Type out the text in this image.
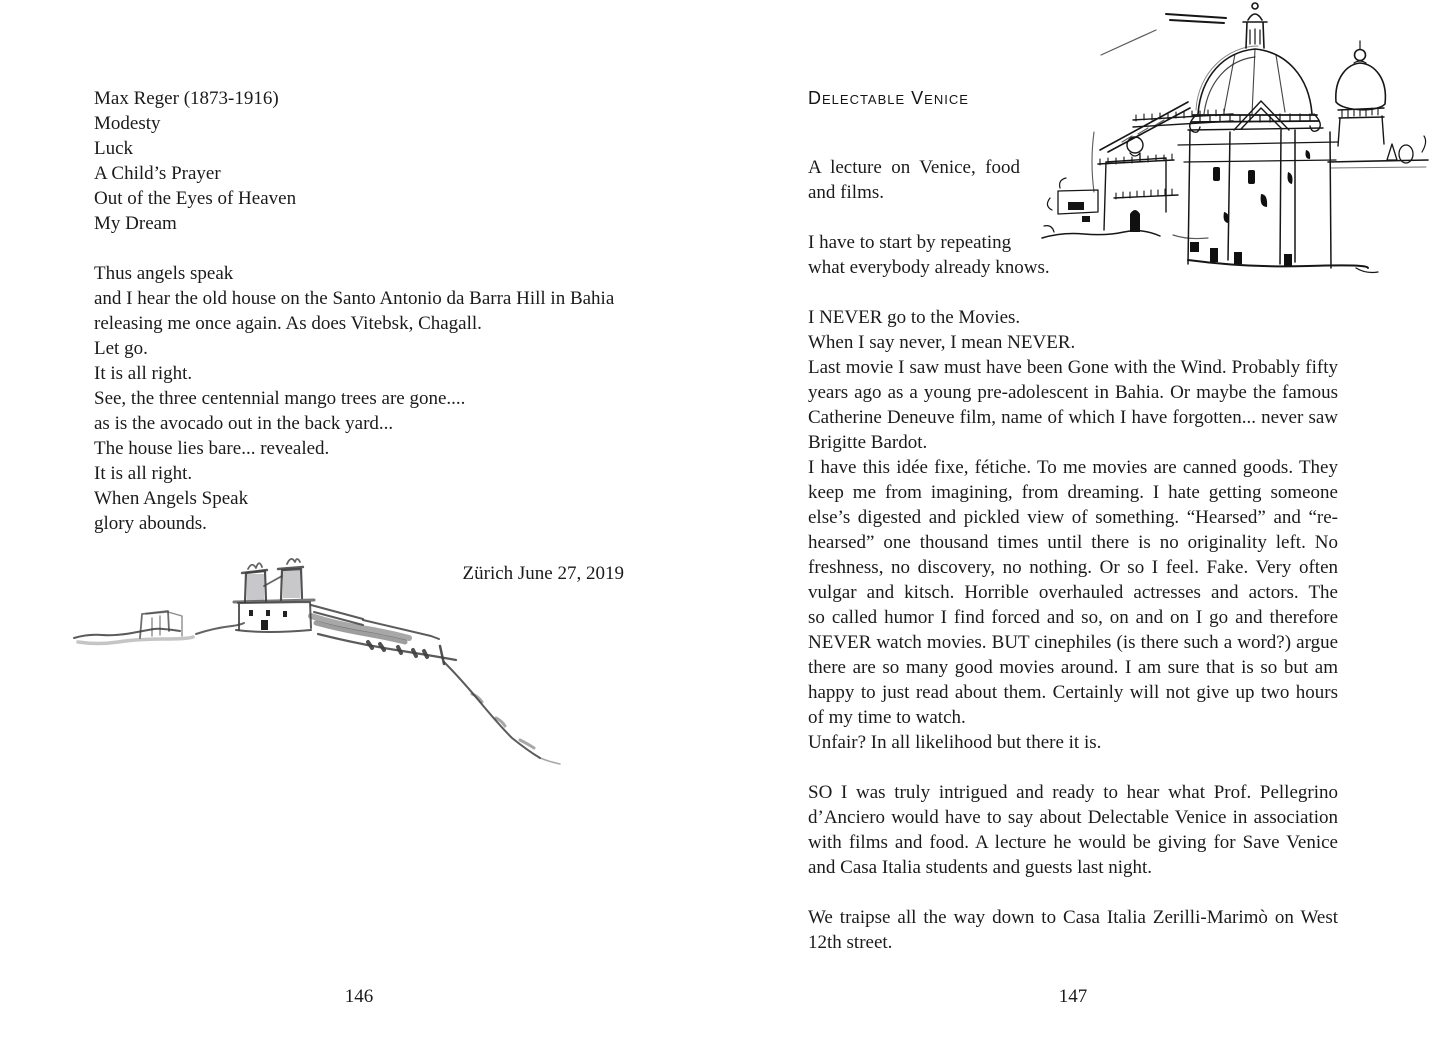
Max Reger (1873-1916)
Modesty
Luck
A Child’s Prayer
Out of the Eyes of Heaven
My Dream
Thus angels speak
and I hear the old house on the Santo Antonio da Barra Hill in Bahia
releasing me once again. As does Vitebsk, Chagall.
Let go.
It is all right.
See, the three centennial mango trees are gone....
as is the avocado out in the back yard...
The house lies bare... revealed.
It is all right.
When Angels Speak
glory abounds.
Zürich June 27, 2019
146
Delectable Venice
A lecture on Venice, food
and films.
I have to start by repeating
what everybody already knows.
I NEVER go to the Movies.
When I say never, I mean NEVER.
Last movie I saw must have been Gone with the Wind. Probably fifty
years ago as a young pre-adolescent in Bahia. Or maybe the famous
Catherine Deneuve film, name of which I have forgotten... never saw
Brigitte Bardot.
I have this idée fixe, fétiche. To me movies are canned goods. They
keep me from imagining, from dreaming. I hate getting someone
else’s digested and pickled view of something. “Hearsed” and “re-
hearsed” one thousand times until there is no originality left. No
freshness, no discovery, no nothing. Or so I feel. Fake. Very often
vulgar and kitsch. Horrible overhauled actresses and actors. The
so called humor I find forced and so, on and on I go and therefore
NEVER watch movies. BUT cinephiles (is there such a word?) argue
there are so many good movies around. I am sure that is so but am
happy to just read about them. Certainly will not give up two hours
of my time to watch.
Unfair? In all likelihood but there it is.
SO I was truly intrigued and ready to hear what Prof. Pellegrino
d’Anciero would have to say about Delectable Venice in association
with films and food. A lecture he would be giving for Save Venice
and Casa Italia students and guests last night.
We traipse all the way down to Casa Italia Zerilli-Marimò on West
12th street.
147
